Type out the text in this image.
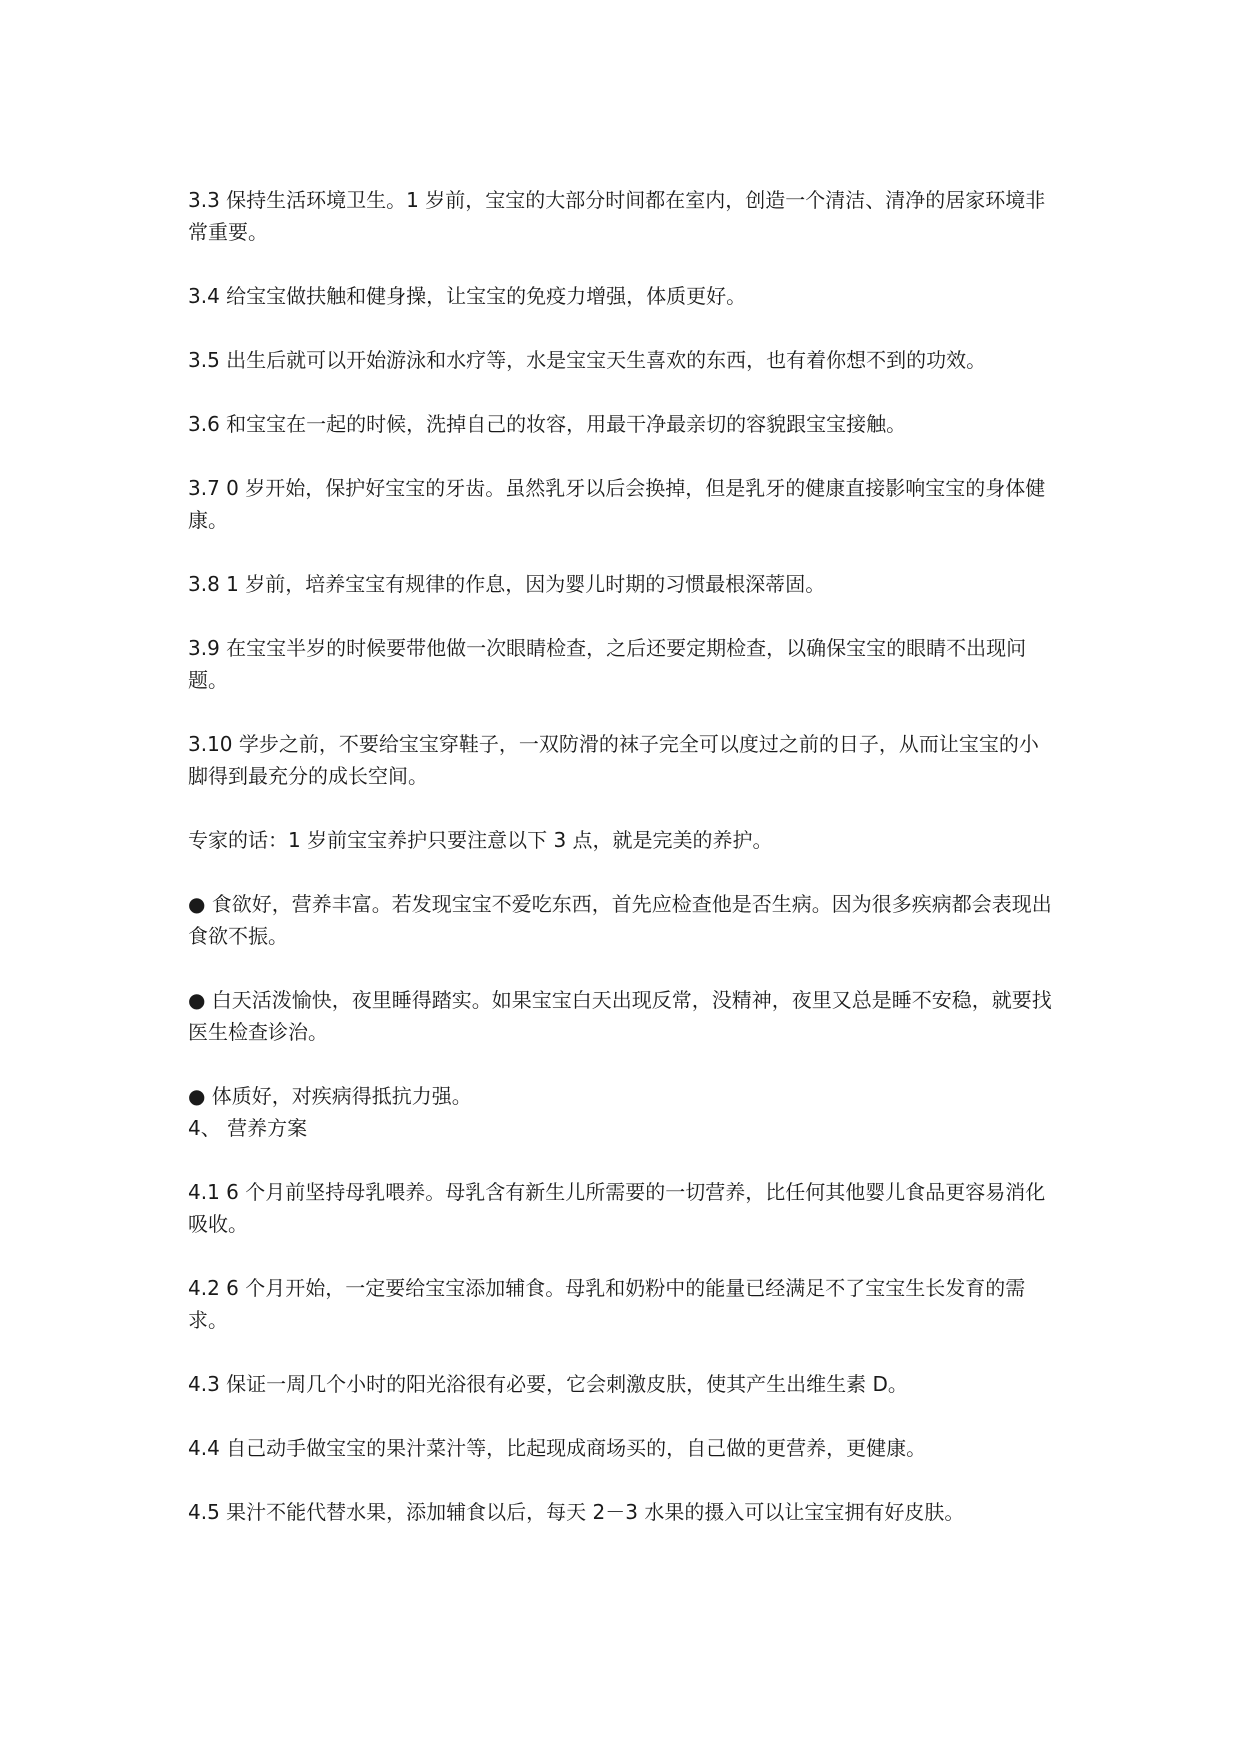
3.3 保持生活环境卫生。1 岁前，宝宝的大部分时间都在室内，创造一个清洁、清净的居家环境非常重要。

3.4 给宝宝做扶触和健身操，让宝宝的免疫力增强，体质更好。

3.5 出生后就可以开始游泳和水疗等，水是宝宝天生喜欢的东西，也有着你想不到的功效。

3.6 和宝宝在一起的时候，洗掉自己的妆容，用最干净最亲切的容貌跟宝宝接触。

3.7 0 岁开始，保护好宝宝的牙齿。虽然乳牙以后会换掉，但是乳牙的健康直接影响宝宝的身体健康。

3.8 1 岁前，培养宝宝有规律的作息，因为婴儿时期的习惯最根深蒂固。

3.9 在宝宝半岁的时候要带他做一次眼睛检查，之后还要定期检查，以确保宝宝的眼睛不出现问题。

3.10 学步之前，不要给宝宝穿鞋子，一双防滑的袜子完全可以度过之前的日子，从而让宝宝的小脚得到最充分的成长空间。

专家的话：1 岁前宝宝养护只要注意以下 3 点，就是完美的养护。

● 食欲好，营养丰富。若发现宝宝不爱吃东西，首先应检查他是否生病。因为很多疾病都会表现出食欲不振。

● 白天活泼愉快，夜里睡得踏实。如果宝宝白天出现反常，没精神，夜里又总是睡不安稳，就要找医生检查诊治。

● 体质好，对疾病得抵抗力强。

4、 营养方案

4.1 6 个月前坚持母乳喂养。母乳含有新生儿所需要的一切营养，比任何其他婴儿食品更容易消化吸收。

4.2 6 个月开始，一定要给宝宝添加辅食。母乳和奶粉中的能量已经满足不了宝宝生长发育的需求。

4.3 保证一周几个小时的阳光浴很有必要，它会刺激皮肤，使其产生出维生素 D。

4.4 自己动手做宝宝的果汁菜汁等，比起现成商场买的，自己做的更营养，更健康。

4.5 果汁不能代替水果，添加辅食以后，每天 2－3 水果的摄入可以让宝宝拥有好皮肤。
